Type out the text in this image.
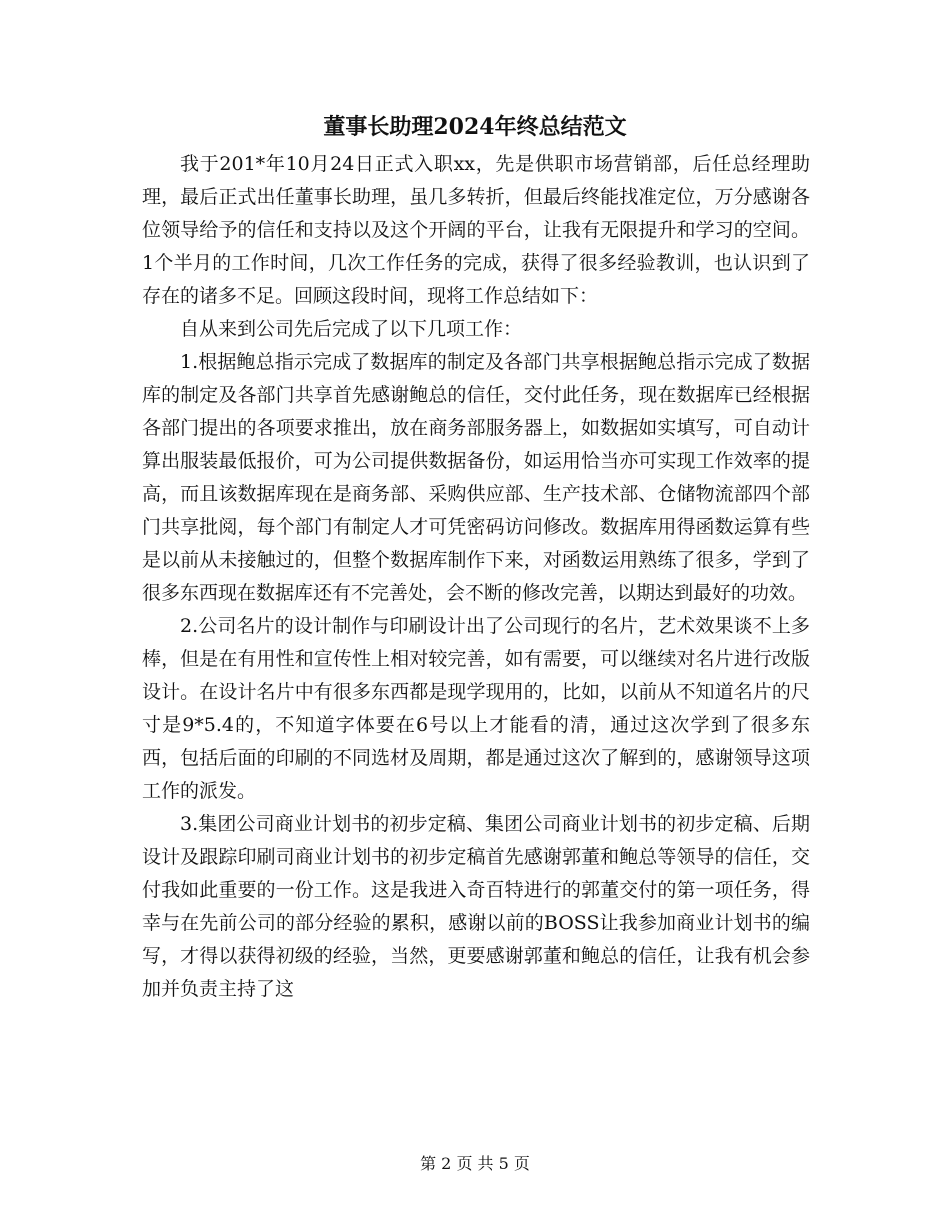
董事长助理2024年终总结范文

我于201*年10月24日正式入职xx，先是供职市场营销部，后任总经理助理，最后正式出任董事长助理，虽几多转折，但最后终能找准定位，万分感谢各位领导给予的信任和支持以及这个开阔的平台，让我有无限提升和学习的空间。1个半月的工作时间，几次工作任务的完成，获得了很多经验教训，也认识到了存在的诸多不足。回顾这段时间，现将工作总结如下：

自从来到公司先后完成了以下几项工作：

1.根据鲍总指示完成了数据库的制定及各部门共享根据鲍总指示完成了数据库的制定及各部门共享首先感谢鲍总的信任，交付此任务，现在数据库已经根据各部门提出的各项要求推出，放在商务部服务器上，如数据如实填写，可自动计算出服装最低报价，可为公司提供数据备份，如运用恰当亦可实现工作效率的提高，而且该数据库现在是商务部、采购供应部、生产技术部、仓储物流部四个部门共享批阅，每个部门有制定人才可凭密码访问修改。数据库用得函数运算有些是以前从未接触过的，但整个数据库制作下来，对函数运用熟练了很多，学到了很多东西现在数据库还有不完善处，会不断的修改完善，以期达到最好的功效。

2.公司名片的设计制作与印刷设计出了公司现行的名片，艺术效果谈不上多棒，但是在有用性和宣传性上相对较完善，如有需要，可以继续对名片进行改版设计。在设计名片中有很多东西都是现学现用的，比如，以前从不知道名片的尺寸是9*5.4的，不知道字体要在6号以上才能看的清，通过这次学到了很多东西，包括后面的印刷的不同选材及周期，都是通过这次了解到的，感谢领导这项工作的派发。

3.集团公司商业计划书的初步定稿、集团公司商业计划书的初步定稿、后期设计及跟踪印刷司商业计划书的初步定稿首先感谢郭董和鲍总等领导的信任，交付我如此重要的一份工作。这是我进入奇百特进行的郭董交付的第一项任务，得幸与在先前公司的部分经验的累积，感谢以前的BOSS让我参加商业计划书的编写，才得以获得初级的经验，当然，更要感谢郭董和鲍总的信任，让我有机会参加并负责主持了这

第 2 页 共 5 页
